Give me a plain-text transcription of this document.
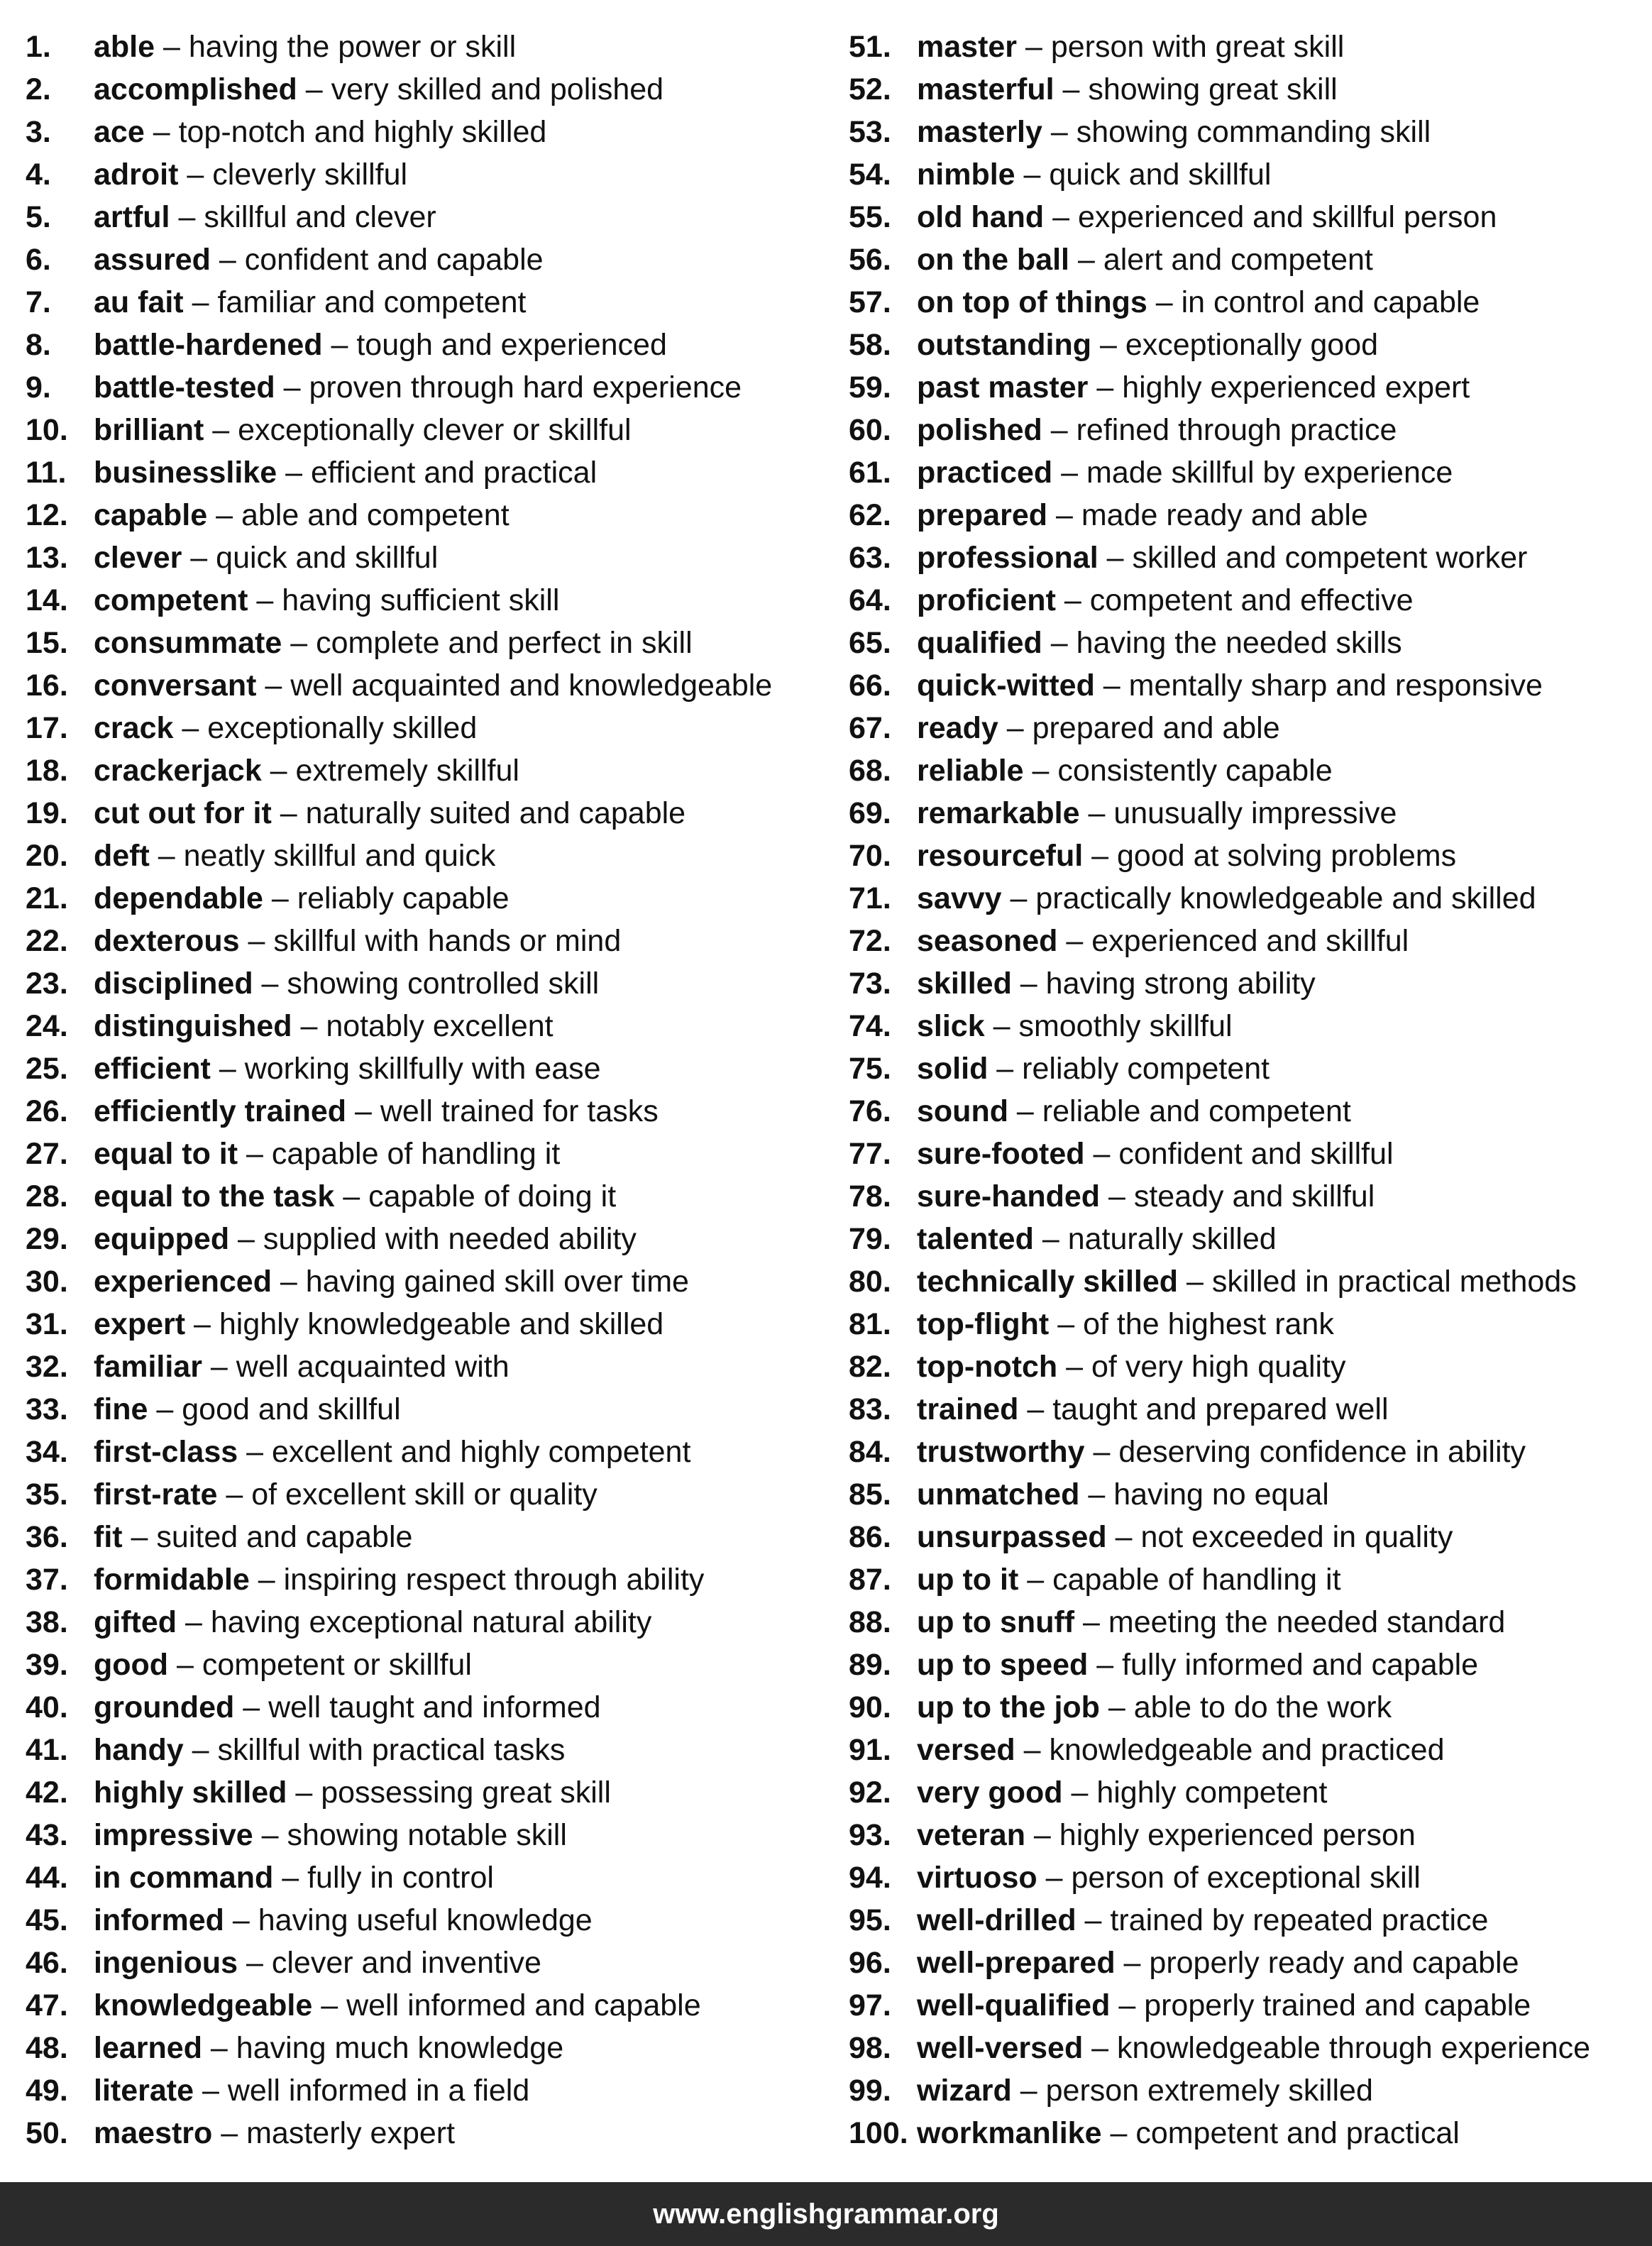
1.	able – having the power or skill
2.	accomplished – very skilled and polished
3.	ace – top-notch and highly skilled
4.	adroit – cleverly skillful
5.	artful – skillful and clever
6.	assured – confident and capable
7.	au fait – familiar and competent
8.	battle-hardened – tough and experienced
9.	battle-tested – proven through hard experience
10. brilliant – exceptionally clever or skillful
11. businesslike – efficient and practical
12. capable – able and competent
13. clever – quick and skillful
14. competent – having sufficient skill
15. consummate – complete and perfect in skill
16. conversant – well acquainted and knowledgeable
17. crack – exceptionally skilled
18. crackerjack – extremely skillful
19. cut out for it – naturally suited and capable
20. deft – neatly skillful and quick
21. dependable – reliably capable
22. dexterous – skillful with hands or mind
23. disciplined – showing controlled skill
24. distinguished – notably excellent
25. efficient – working skillfully with ease
26. efficiently trained – well trained for tasks
27. equal to it – capable of handling it
28. equal to the task – capable of doing it
29. equipped – supplied with needed ability
30. experienced – having gained skill over time
31. expert – highly knowledgeable and skilled
32. familiar – well acquainted with
33. fine – good and skillful
34. first-class – excellent and highly competent
35. first-rate – of excellent skill or quality
36. fit – suited and capable
37. formidable – inspiring respect through ability
38. gifted – having exceptional natural ability
39. good – competent or skillful
40. grounded – well taught and informed
41. handy – skillful with practical tasks
42. highly skilled – possessing great skill
43. impressive – showing notable skill
44. in command – fully in control
45. informed – having useful knowledge
46. ingenious – clever and inventive
47. knowledgeable – well informed and capable
48. learned – having much knowledge
49. literate – well informed in a field
50. maestro – masterly expert
51. master – person with great skill
52. masterful – showing great skill
53. masterly – showing commanding skill
54. nimble – quick and skillful
55. old hand – experienced and skillful person
56. on the ball – alert and competent
57. on top of things – in control and capable
58. outstanding – exceptionally good
59. past master – highly experienced expert
60. polished – refined through practice
61. practiced – made skillful by experience
62. prepared – made ready and able
63. professional – skilled and competent worker
64. proficient – competent and effective
65. qualified – having the needed skills
66. quick-witted – mentally sharp and responsive
67. ready – prepared and able
68. reliable – consistently capable
69. remarkable – unusually impressive
70. resourceful – good at solving problems
71. savvy – practically knowledgeable and skilled
72. seasoned – experienced and skillful
73. skilled – having strong ability
74. slick – smoothly skillful
75. solid – reliably competent
76. sound – reliable and competent
77. sure-footed – confident and skillful
78. sure-handed – steady and skillful
79. talented – naturally skilled
80. technically skilled – skilled in practical methods
81. top-flight – of the highest rank
82. top-notch – of very high quality
83. trained – taught and prepared well
84. trustworthy – deserving confidence in ability
85. unmatched – having no equal
86. unsurpassed – not exceeded in quality
87. up to it – capable of handling it
88. up to snuff – meeting the needed standard
89. up to speed – fully informed and capable
90. up to the job – able to do the work
91. versed – knowledgeable and practiced
92. very good – highly competent
93. veteran – highly experienced person
94. virtuoso – person of exceptional skill
95. well-drilled – trained by repeated practice
96. well-prepared – properly ready and capable
97. well-qualified – properly trained and capable
98. well-versed – knowledgeable through experience
99. wizard – person extremely skilled
100. workmanlike – competent and practical
www.englishgrammar.org
